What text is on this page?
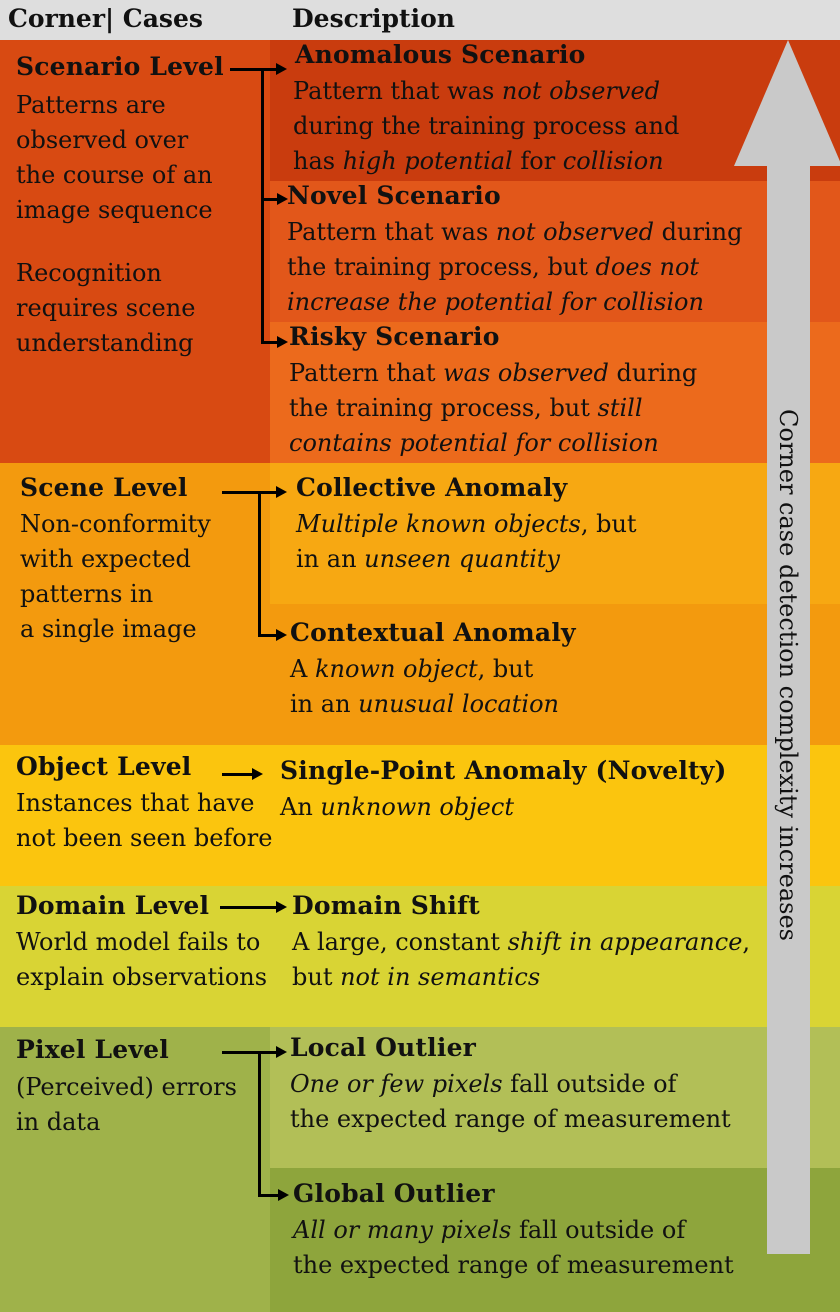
Corner| Cases	Description
Corner case detection complexity increases
Scenario Level
Patterns are
observed over
the course of an
image sequence
Recognition
requires scene
understanding
Anomalous Scenario
Pattern that was not observed
during the training process and
has high potential for collision
Novel Scenario
Pattern that was not observed during
the training process, but does not
increase the potential for collision
Risky Scenario
Pattern that was observed during
the training process, but still
contains potential for collision
Scene Level
Non-conformity
with expected
patterns in
a single image
Collective Anomaly
Multiple known objects, but
in an unseen quantity
Contextual Anomaly
A known object, but
in an unusual location
Object Level
Instances that have
not been seen before
Single-Point Anomaly (Novelty)
An unknown object
Domain Level
World model fails to
explain observations
Domain Shift
A large, constant shift in appearance,
but not in semantics
Pixel Level
(Perceived) errors
in data
Local Outlier
One or few pixels fall outside of
the expected range of measurement
Global Outlier
All or many pixels fall outside of
the expected range of measurement
